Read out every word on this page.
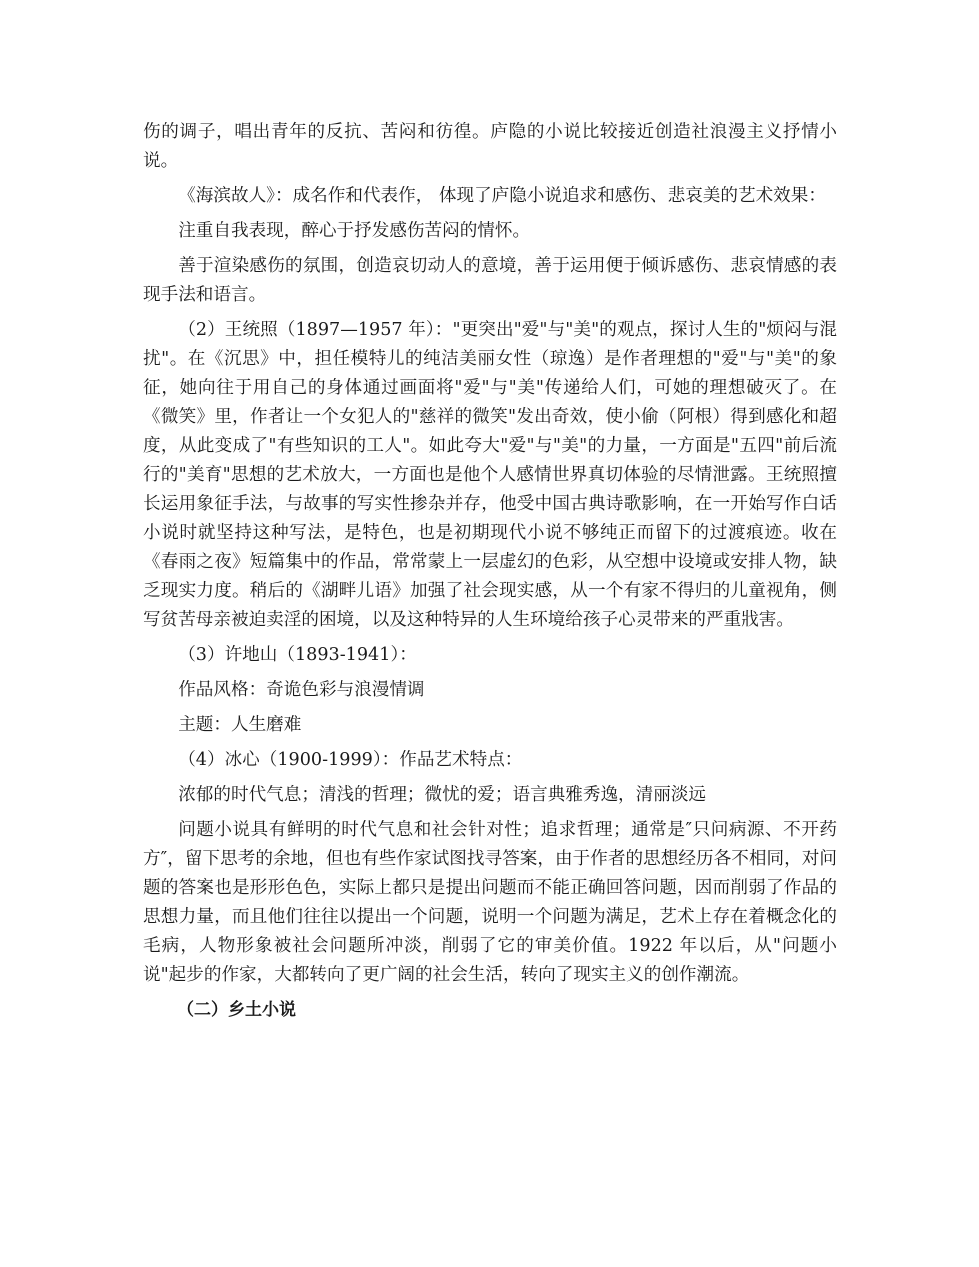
伤的调子，唱出青年的反抗、苦闷和彷徨。庐隐的小说比较接近创造社浪漫主义抒情小说。

《海滨故人》：成名作和代表作， 体现了庐隐小说追求和感伤、悲哀美的艺术效果：

注重自我表现，醉心于抒发感伤苦闷的情怀。

善于渲染感伤的氛围，创造哀切动人的意境，善于运用便于倾诉感伤、悲哀情感的表现手法和语言。

（2）王统照（1897—1957 年）："更突出"爱"与"美"的观点，探讨人生的"烦闷与混扰"。在《沉思》中，担任模特儿的纯洁美丽女性（琼逸）是作者理想的"爱"与"美"的象征，她向往于用自己的身体通过画面将"爱"与"美"传递给人们，可她的理想破灭了。在《微笑》里，作者让一个女犯人的"慈祥的微笑"发出奇效，使小偷（阿根）得到感化和超度，从此变成了"有些知识的工人"。如此夸大"爱"与"美"的力量，一方面是"五四"前后流行的"美育"思想的艺术放大，一方面也是他个人感情世界真切体验的尽情泄露。王统照擅长运用象征手法，与故事的写实性掺杂并存，他受中国古典诗歌影响，在一开始写作白话小说时就坚持这种写法，是特色，也是初期现代小说不够纯正而留下的过渡痕迹。收在《春雨之夜》短篇集中的作品，常常蒙上一层虚幻的色彩，从空想中设境或安排人物，缺乏现实力度。稍后的《湖畔儿语》加强了社会现实感，从一个有家不得归的儿童视角，侧写贫苦母亲被迫卖淫的困境，以及这种特异的人生环境给孩子心灵带来的严重戕害。

（3）许地山（1893-1941）：

作品风格：奇诡色彩与浪漫情调

主题：人生磨难

（4）冰心（1900-1999）：作品艺术特点：

浓郁的时代气息；清浅的哲理；微忧的爱；语言典雅秀逸，清丽淡远

问题小说具有鲜明的时代气息和社会针对性；追求哲理；通常是″只问病源、不开药方″，留下思考的余地，但也有些作家试图找寻答案，由于作者的思想经历各不相同，对问题的答案也是形形色色，实际上都只是提出问题而不能正确回答问题，因而削弱了作品的思想力量，而且他们往往以提出一个问题，说明一个问题为满足，艺术上存在着概念化的毛病，人物形象被社会问题所冲淡，削弱了它的审美价值。1922 年以后，从"问题小说"起步的作家，大都转向了更广阔的社会生活，转向了现实主义的创作潮流。

（二）乡土小说
